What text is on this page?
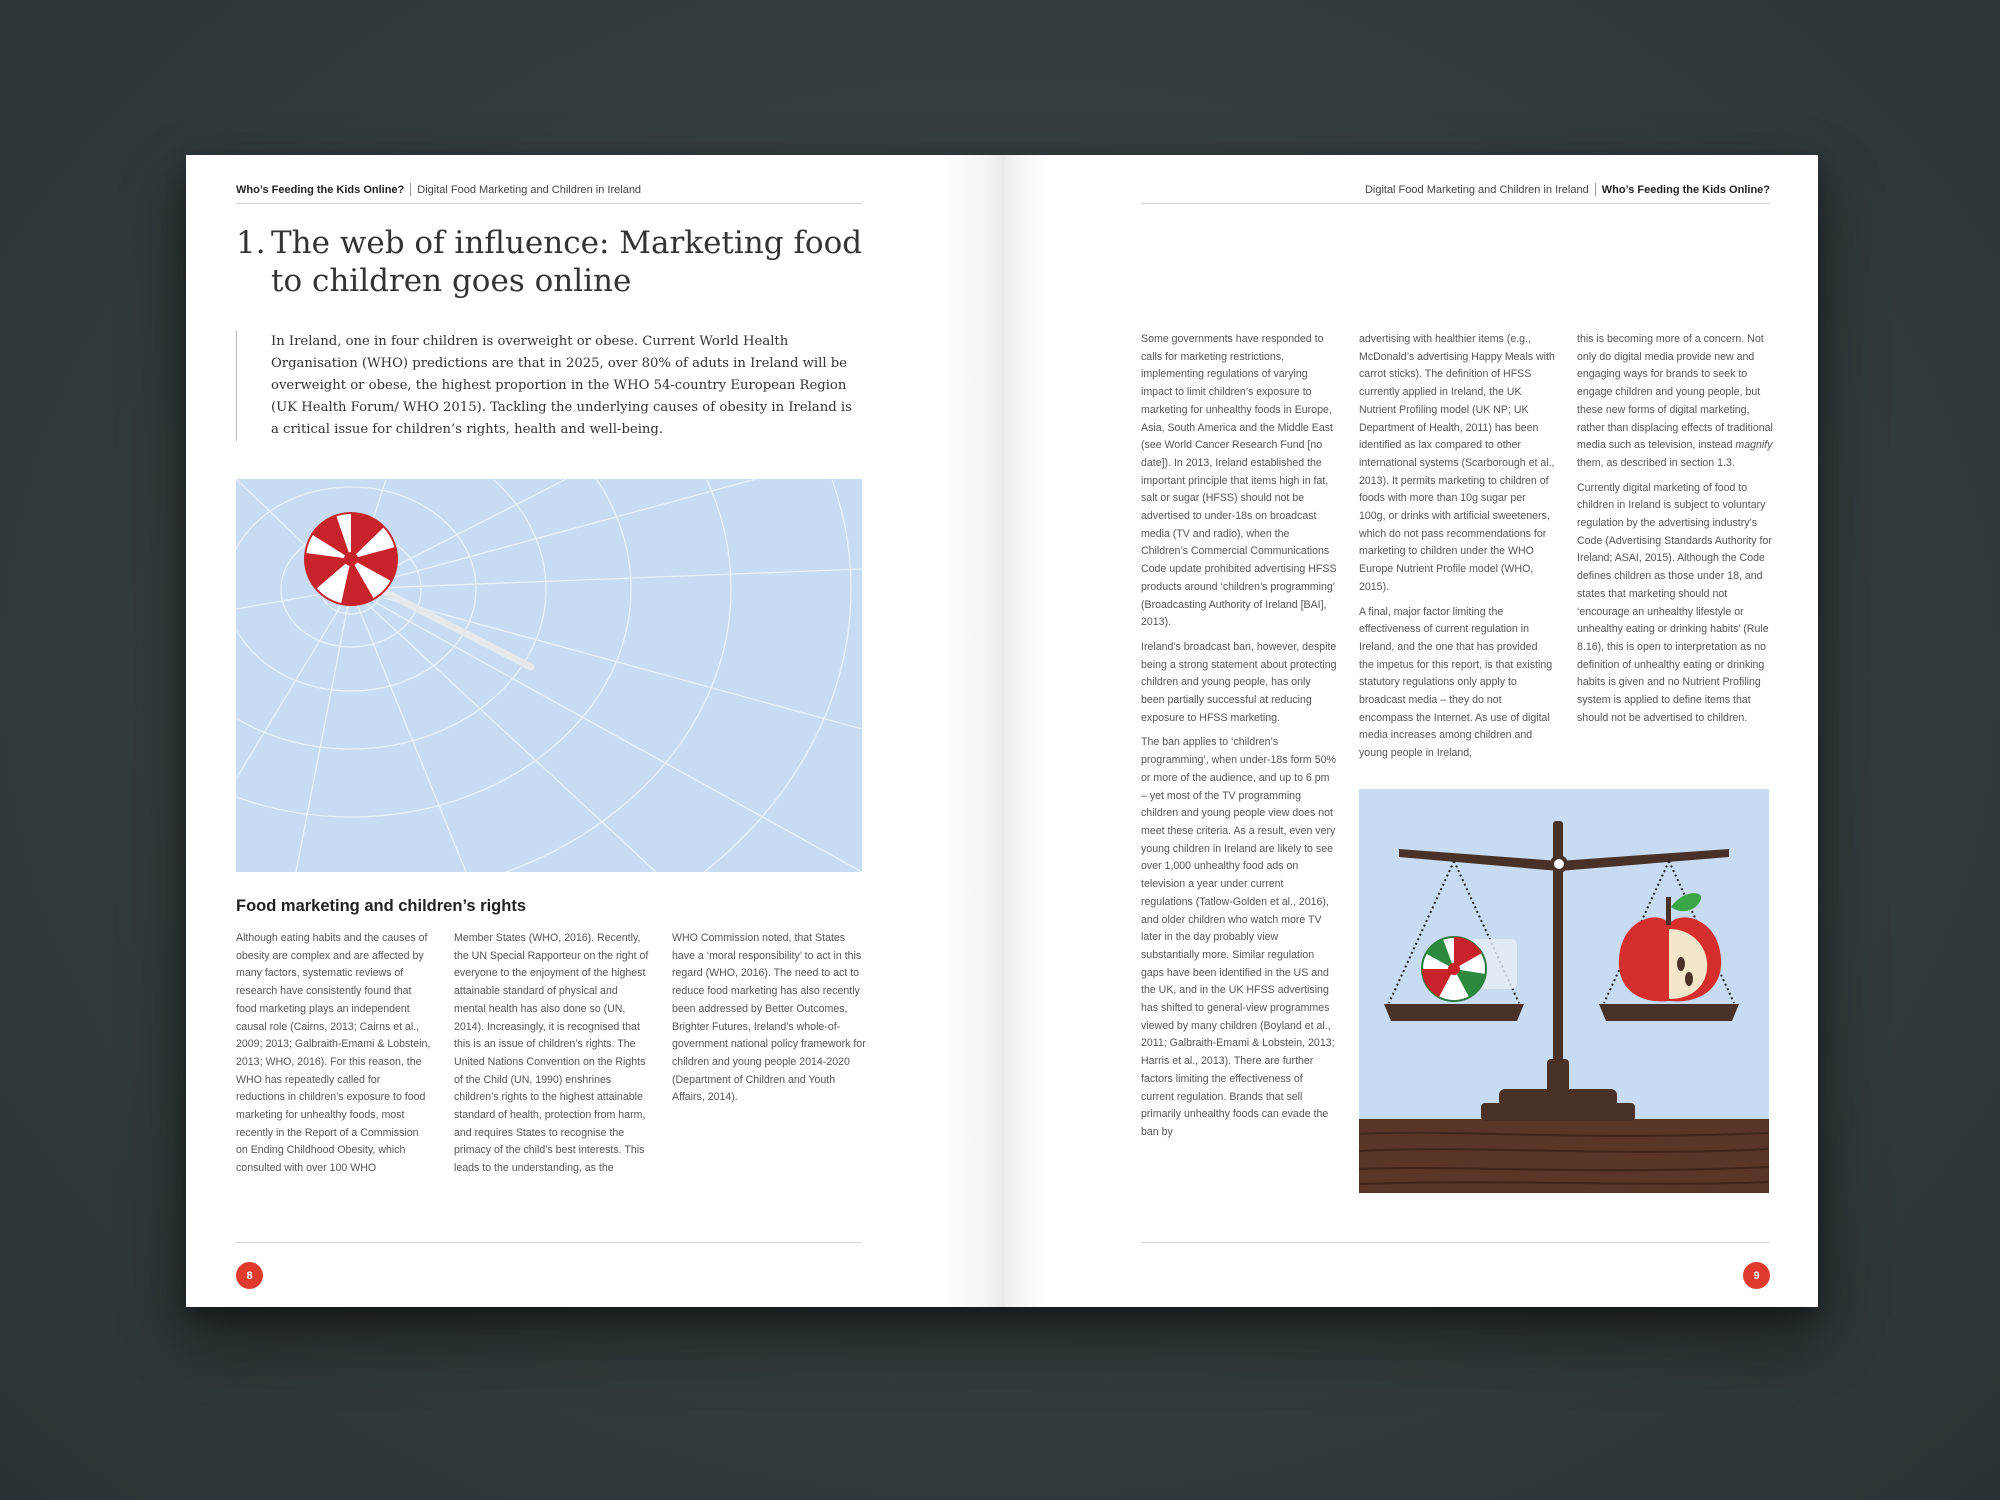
Who’s Feeding the Kids Online? Digital Food Marketing and Children in Ireland
1. The web of influence: Marketing food to children goes online
In Ireland, one in four children is overweight or obese. Current World Health Organisation (WHO) predictions are that in 2025, over 80% of aduts in Ireland will be overweight or obese, the highest proportion in the WHO 54-country European Region (UK Health Forum/ WHO 2015). Tackling the underlying causes of obesity in Ireland is a critical issue for children’s rights, health and well-being.
Food marketing and children’s rights
Although eating habits and the causes of obesity are complex and are affected by many factors, systematic reviews of research have consistently found that food marketing plays an independent causal role (Cairns, 2013; Cairns et al., 2009; 2013; Galbraith-Emami & Lobstein, 2013; WHO, 2016). For this reason, the WHO has repeatedly called for reductions in children’s exposure to food marketing for unhealthy foods, most recently in the Report of a Commission on Ending Childhood Obesity, which consulted with over 100 WHO
Member States (WHO, 2016). Recently, the UN Special Rapporteur on the right of everyone to the enjoyment of the highest attainable standard of physical and mental health has also done so (UN, 2014). Increasingly, it is recognised that this is an issue of children’s rights. The United Nations Convention on the Rights of the Child (UN, 1990) enshrines children’s rights to the highest attainable standard of health, protection from harm, and requires States to recognise the primacy of the child’s best interests. This leads to the understanding, as the
WHO Commission noted, that States have a ‘moral responsibility’ to act in this regard (WHO, 2016). The need to act to reduce food marketing has also recently been addressed by Better Outcomes, Brighter Futures, Ireland’s whole-of-government national policy framework for children and young people 2014-2020 (Department of Children and Youth Affairs, 2014).
8
Digital Food Marketing and Children in Ireland Who’s Feeding the Kids Online?

Some governments have responded to calls for marketing restrictions, implementing regulations of varying impact to limit children’s exposure to marketing for unhealthy foods in Europe, Asia, South America and the Middle East (see World Cancer Research Fund [no date]). In 2013, Ireland established the important principle that items high in fat, salt or sugar (HFSS) should not be advertised to under-18s on broadcast media (TV and radio), when the Children’s Commercial Communications Code update prohibited advertising HFSS products around ‘children’s programming’ (Broadcasting Authority of Ireland [BAI], 2013).

Ireland’s broadcast ban, however, despite being a strong statement about protecting children and young people, has only been partially successful at reducing exposure to HFSS marketing.

The ban applies to ‘children’s programming’, when under-18s form 50% or more of the audience, and up to 6 pm – yet most of the TV programming children and young people view does not meet these criteria. As a result, even very young children in Ireland are likely to see over 1,000 unhealthy food ads on television a year under current regulations (Tatlow-Golden et al., 2016), and older children who watch more TV later in the day probably view substantially more. Similar regulation gaps have been identified in the US and the UK, and in the UK HFSS advertising has shifted to general-view programmes viewed by many children (Boyland et al., 2011; Galbraith-Emami & Lobstein, 2013; Harris et al., 2013). There are further factors limiting the effectiveness of current regulation. Brands that sell primarily unhealthy foods can evade the ban by

advertising with healthier items (e.g., McDonald’s advertising Happy Meals with carrot sticks). The definition of HFSS currently applied in Ireland, the UK Nutrient Profiling model (UK NP; UK Department of Health, 2011) has been identified as lax compared to other international systems (Scarborough et al., 2013). It permits marketing to children of foods with more than 10g sugar per 100g, or drinks with artificial sweeteners, which do not pass recommendations for marketing to children under the WHO Europe Nutrient Profile model (WHO, 2015).

A final, major factor limiting the effectiveness of current regulation in Ireland, and the one that has provided the impetus for this report, is that existing statutory regulations only apply to broadcast media – they do not encompass the Internet. As use of digital media increases among children and young people in Ireland,

this is becoming more of a concern. Not only do digital media provide new and engaging ways for brands to seek to engage children and young people, but these new forms of digital marketing, rather than displacing effects of traditional media such as television, instead magnify them, as described in section 1.3.

Currently digital marketing of food to children in Ireland is subject to voluntary regulation by the advertising industry’s Code (Advertising Standards Authority for Ireland; ASAI, 2015). Although the Code defines children as those under 18, and states that marketing should not ‘encourage an unhealthy lifestyle or unhealthy eating or drinking habits’ (Rule 8.16), this is open to interpretation as no definition of unhealthy eating or drinking habits is given and no Nutrient Profiling system is applied to define items that should not be advertised to children.

9
